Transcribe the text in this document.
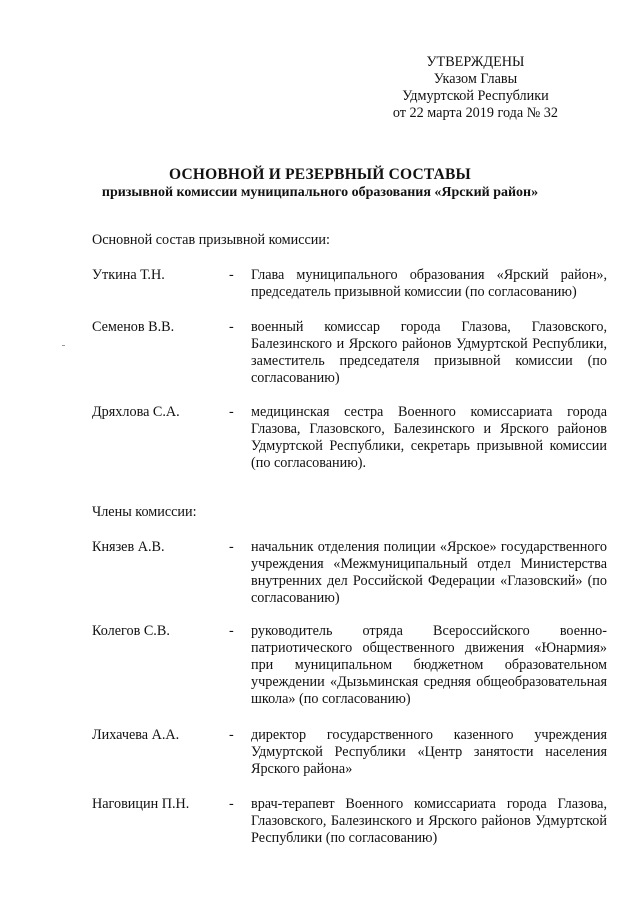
УТВЕРЖДЕНЫ
Указом Главы
Удмуртской Республики
от 22 марта 2019 года № 32
ОСНОВНОЙ И РЕЗЕРВНЫЙ СОСТАВЫ
призывной комиссии муниципального образования «Ярский район»
Основной состав призывной комиссии:
Уткина Т.Н.	- Глава муниципального образования «Ярский район», председатель призывной комиссии (по согласованию)
Семенов В.В.	- военный комиссар города Глазова, Глазовского, Балезинского и Ярского районов Удмуртской Республики, заместитель председателя призывной комиссии (по согласованию)
Дряхлова С.А.	- медицинская сестра Военного комиссариата города Глазова, Глазовского, Балезинского и Ярского районов Удмуртской Республики, секретарь призывной комиссии (по согласованию).
Члены комиссии:
Князев А.В.	- начальник отделения полиции «Ярское» государственного учреждения «Межмуниципальный отдел Министерства внутренних дел Российской Федерации «Глазовский» (по согласованию)
Колегов С.В.	- руководитель отряда Всероссийского военно-патриотического общественного движения «Юнармия» при муниципальном бюджетном образовательном учреждении «Дызьминская средняя общеобразовательная школа» (по согласованию)
Лихачева А.А.	- директор государственного казенного учреждения Удмуртской Республики «Центр занятости населения Ярского района»
Наговицин П.Н.	- врач-терапевт Военного комиссариата города Глазова, Глазовского, Балезинского и Ярского районов Удмуртской Республики (по согласованию)
